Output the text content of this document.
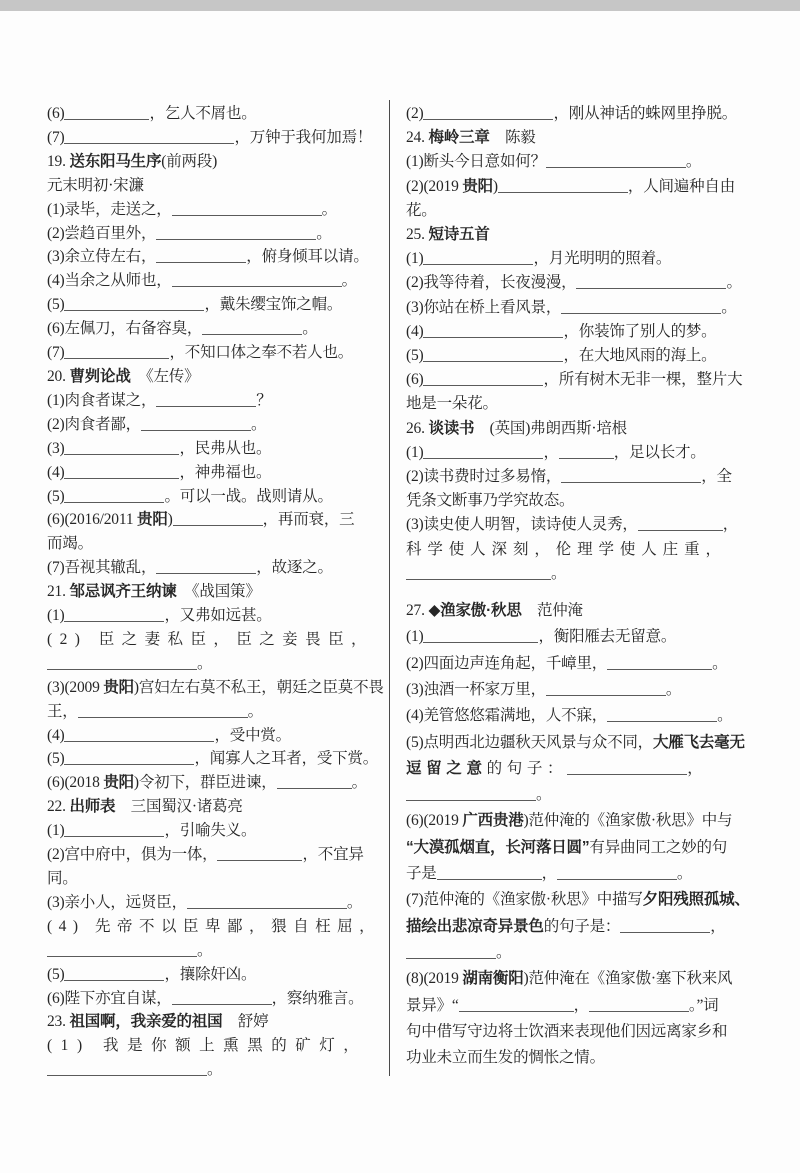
(6)	，乞人不屑也。
(7)	，万钟于我何加焉！
19. 送东阳马生序(前两段)
元末明初·宋濂
(1)录毕，走送之，	。
(2)尝趋百里外，	。
(3)余立侍左右，	，俯身倾耳以请。
(4)当余之从师也，	。
(5)	，戴朱缨宝饰之帽。
(6)左佩刀，右备容臭，	。
(7)	，不知口体之奉不若人也。
20. 曹刿论战　《左传》
(1)肉食者谋之，	？
(2)肉食者鄙，	。
(3)	，民弗从也。
(4)	，神弗福也。
(5)	。可以一战。战则请从。
(6)(2016/2011 贵阳)	，再而衰，三
而竭。
(7)吾视其辙乱，	，故逐之。
21. 邹忌讽齐王纳谏　《战国策》
(1)	，又弗如远甚。
(2) 臣之妻私臣，臣之妾畏臣，
。
(3)(2009 贵阳)宫妇左右莫不私王，朝廷之臣莫不畏
王，	。
(4)	，受中赏。
(5)	，闻寡人之耳者，受下赏。
(6)(2018 贵阳)令初下，群臣进谏，	。
22. 出师表　三国蜀汉·诸葛亮
(1)	，引喻失义。
(2)宫中府中，俱为一体，	，不宜异
同。
(3)亲小人，远贤臣，	。
(4) 先帝不以臣卑鄙，猥自枉屈，
。
(5)	，攘除奸凶。
(6)陛下亦宜自谋，	，察纳雅言。
23. 祖国啊，我亲爱的祖国　舒婷
(1) 我是你额上熏黑的矿灯，
。
(2)	，刚从神话的蛛网里挣脱。
24. 梅岭三章　陈毅
(1)断头今日意如何？	。
(2)(2019 贵阳)	，人间遍种自由
花。
25. 短诗五首
(1)	，月光明明的照着。
(2)我等待着，长夜漫漫，	。
(3)你站在桥上看风景，	。
(4)	，你装饰了别人的梦。
(5)	，在大地风雨的海上。
(6)	，所有树木无非一棵，整片大
地是一朵花。
26. 谈读书　(英国)弗朗西斯·培根
(1)	，	，足以长才。
(2)读书费时过多易惰，	，全
凭条文断事乃学究故态。
(3)读史使人明智，读诗使人灵秀，	，
科学使人深刻，伦理学使人庄重，
。
27. ◆渔家傲·秋思　范仲淹
(1)	，衡阳雁去无留意。
(2)四面边声连角起，千嶂里，	。
(3)浊酒一杯家万里，	。
(4)羌管悠悠霜满地，人不寐，	。
(5)点明西北边疆秋天风景与众不同，大雁飞去毫无
逗留之意的句子：	，
。
(6)(2019 广西贵港)范仲淹的《渔家傲·秋思》中与
“大漠孤烟直，长河落日圆”有异曲同工之妙的句
子是	，	。
(7)范仲淹的《渔家傲·秋思》中描写夕阳残照孤城、
描绘出悲凉奇异景色的句子是：	，
。
(8)(2019 湖南衡阳)范仲淹在《渔家傲·塞下秋来风
景异》“	，	。”词
句中借写守边将士饮酒来表现他们因远离家乡和
功业未立而生发的惆怅之情。
